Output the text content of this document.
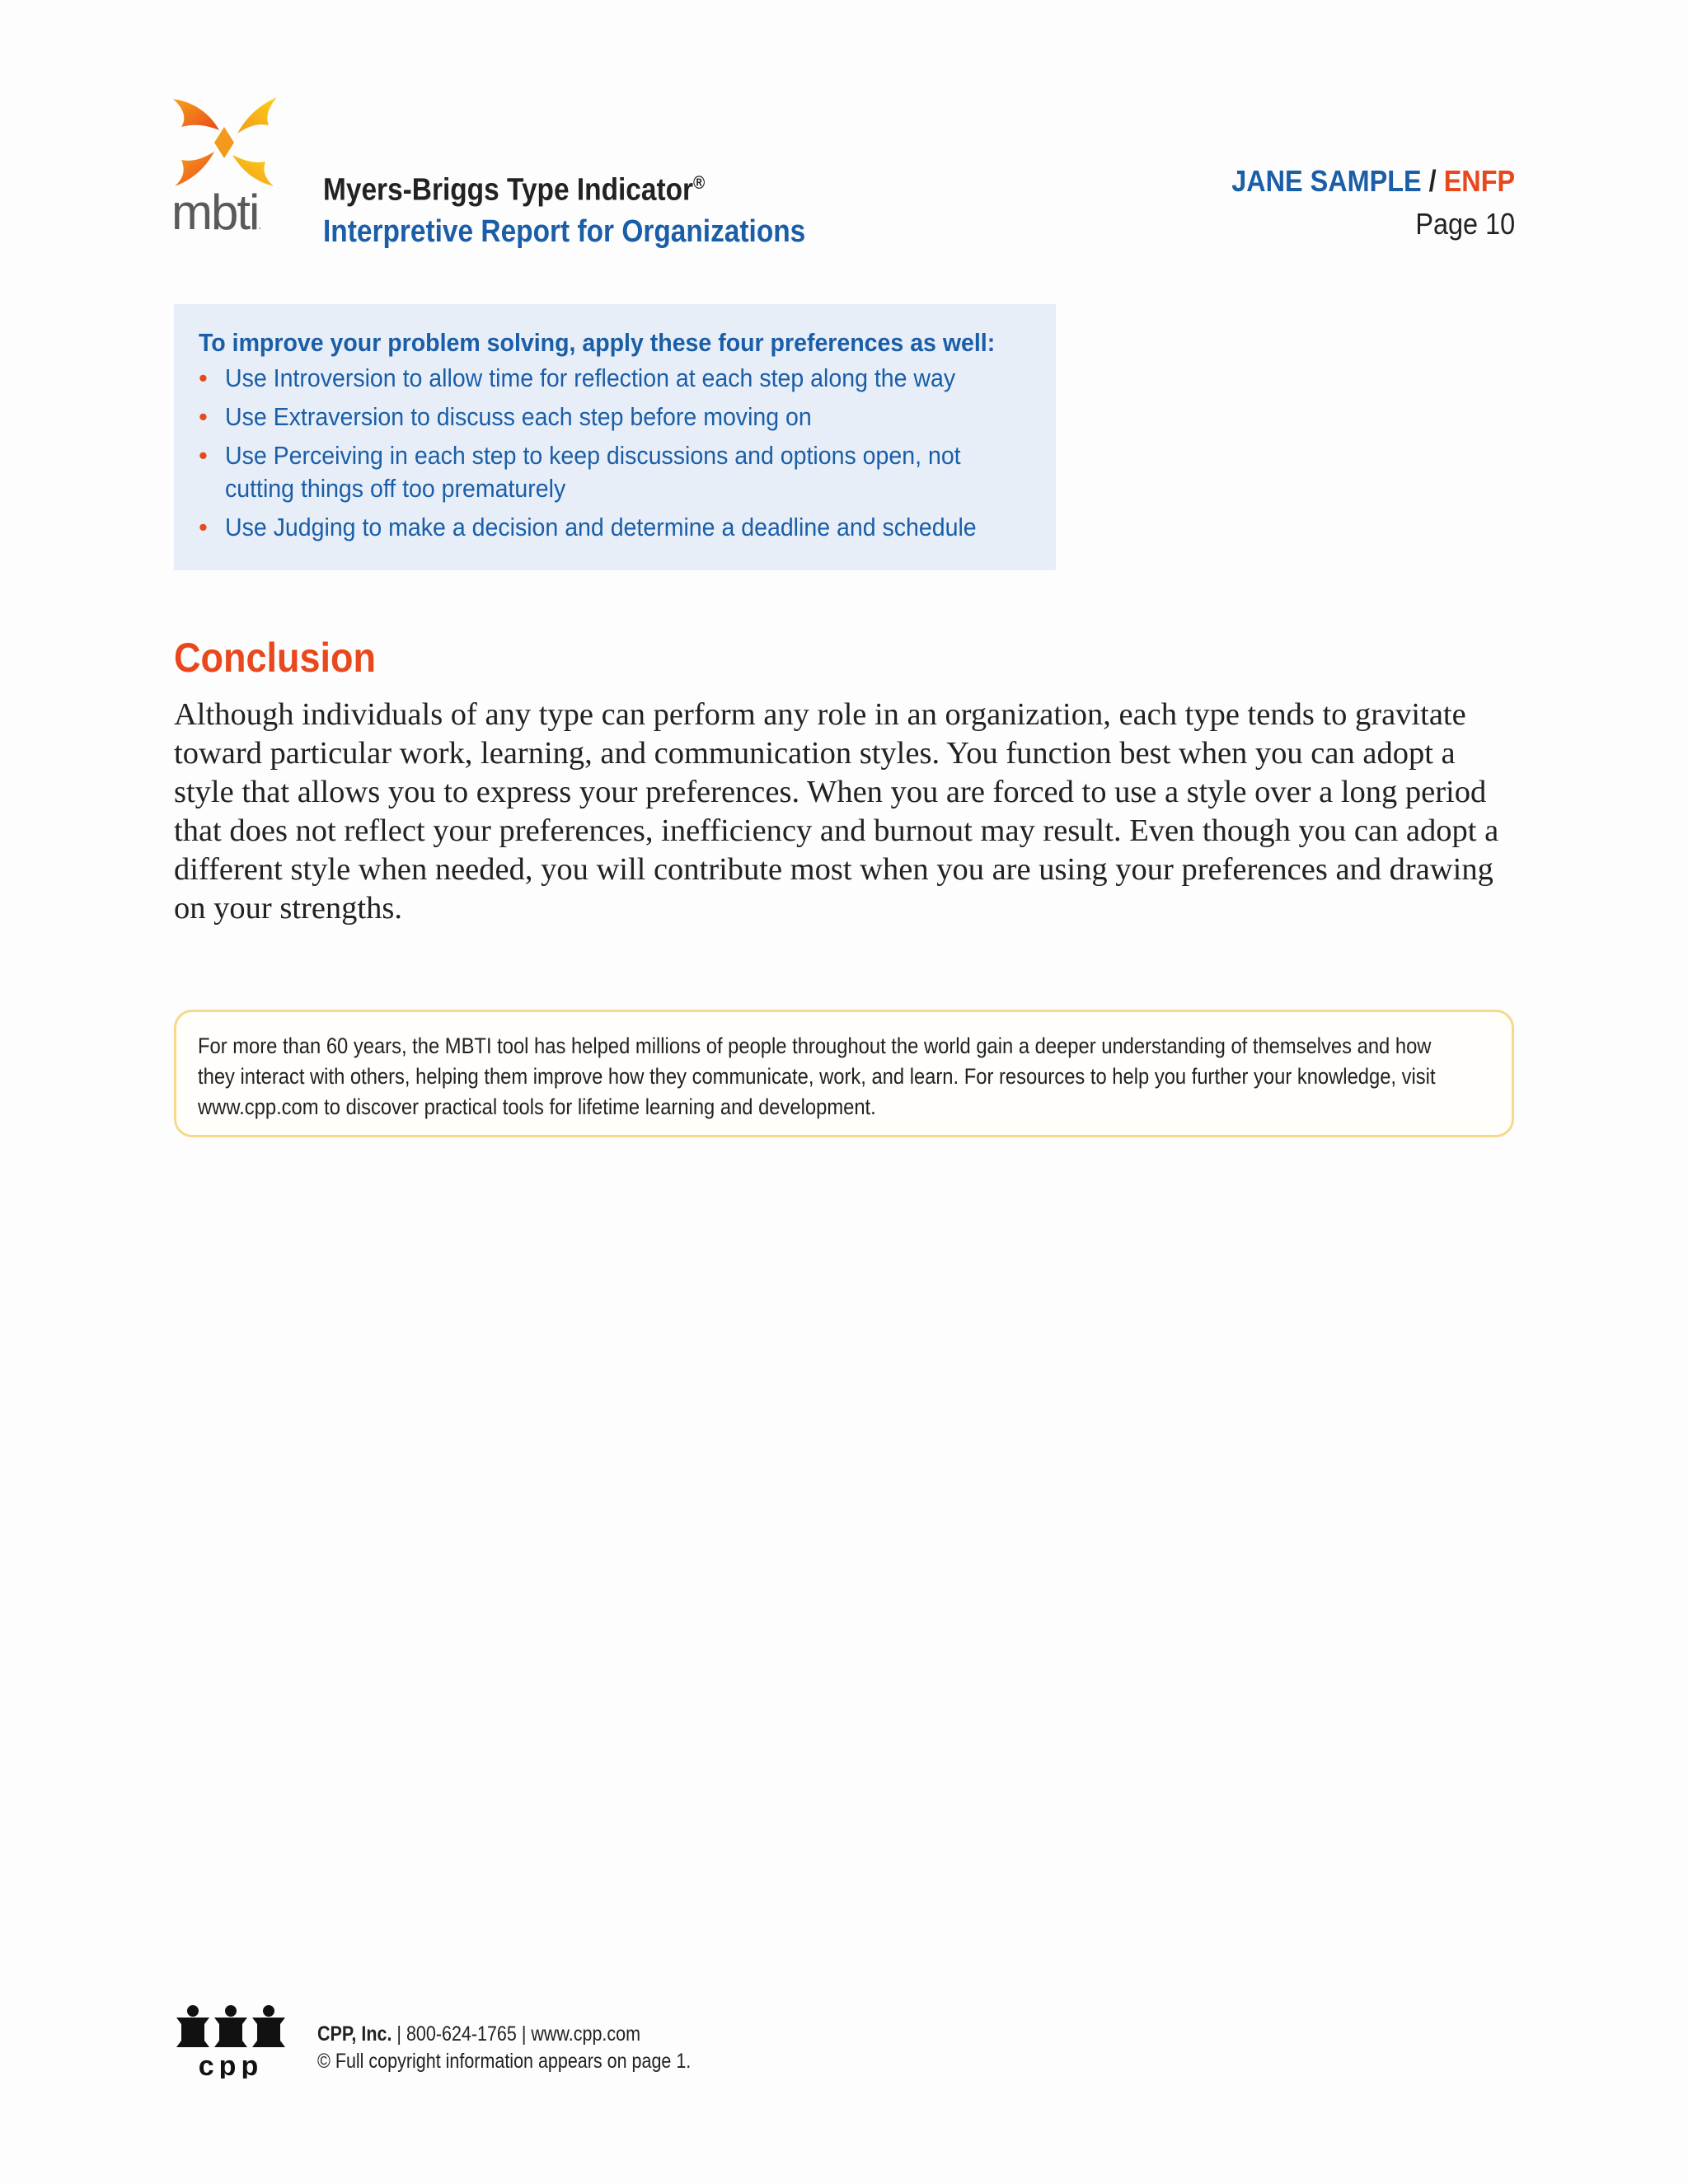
mbti.
Myers-Briggs Type Indicator®
Interpretive Report for Organizations
JANE SAMPLE / ENFP
Page 10
To improve your problem solving, apply these four preferences as well:
• Use Introversion to allow time for reflection at each step along the way
• Use Extraversion to discuss each step before moving on
• Use Perceiving in each step to keep discussions and options open, not cutting things off too prematurely
• Use Judging to make a decision and determine a deadline and schedule
Conclusion
Although individuals of any type can perform any role in an organization, each type tends to gravitate toward particular work, learning, and communication styles. You function best when you can adopt a style that allows you to express your preferences. When you are forced to use a style over a long period that does not reflect your preferences, inefficiency and burnout may result. Even though you can adopt a different style when needed, you will contribute most when you are using your preferences and drawing on your strengths.
For more than 60 years, the MBTI tool has helped millions of people throughout the world gain a deeper understanding of themselves and how they interact with others, helping them improve how they communicate, work, and learn. For resources to help you further your knowledge, visit www.cpp.com to discover practical tools for lifetime learning and development.
cpp
CPP, Inc. | 800-624-1765 | www.cpp.com
© Full copyright information appears on page 1.
